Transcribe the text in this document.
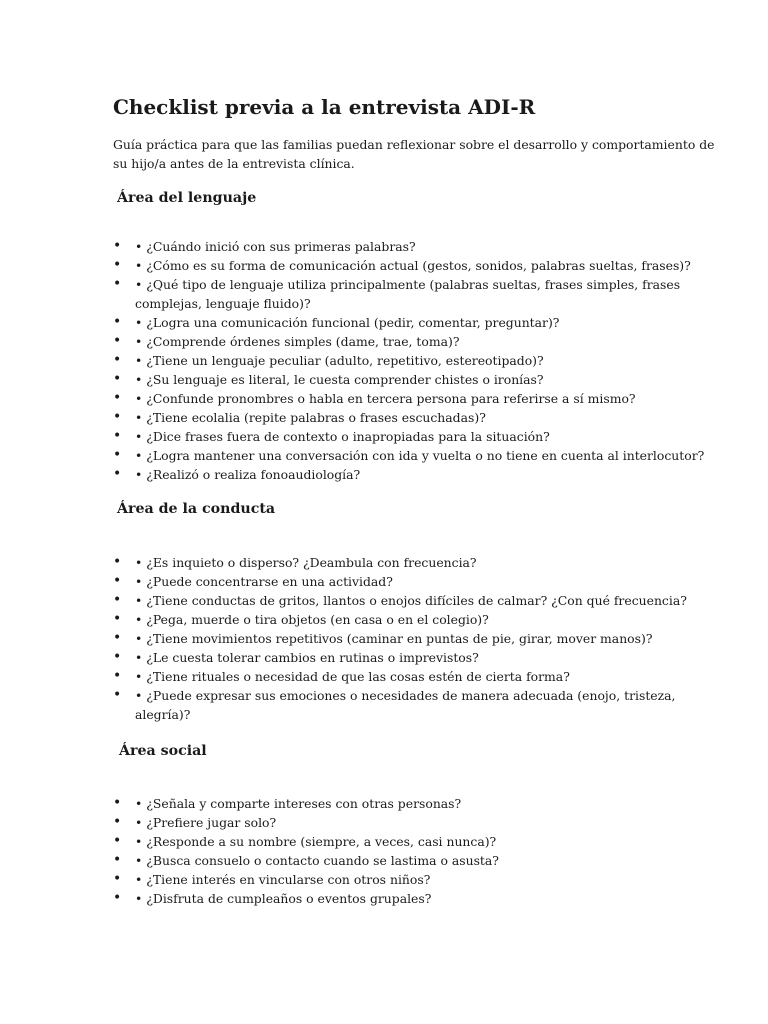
Checklist previa a la entrevista ADI-R

Guía práctica para que las familias puedan reflexionar sobre el desarrollo y comportamiento de su hijo/a antes de la entrevista clínica.

Área del lenguaje
• • ¿Cuándo inició con sus primeras palabras?
• • ¿Cómo es su forma de comunicación actual (gestos, sonidos, palabras sueltas, frases)?
• • ¿Qué tipo de lenguaje utiliza principalmente (palabras sueltas, frases simples, frases complejas, lenguaje fluido)?
• • ¿Logra una comunicación funcional (pedir, comentar, preguntar)?
• • ¿Comprende órdenes simples (dame, trae, toma)?
• • ¿Tiene un lenguaje peculiar (adulto, repetitivo, estereotipado)?
• • ¿Su lenguaje es literal, le cuesta comprender chistes o ironías?
• • ¿Confunde pronombres o habla en tercera persona para referirse a sí mismo?
• • ¿Tiene ecolalia (repite palabras o frases escuchadas)?
• • ¿Dice frases fuera de contexto o inapropiadas para la situación?
• • ¿Logra mantener una conversación con ida y vuelta o no tiene en cuenta al interlocutor?
• • ¿Realizó o realiza fonoaudiología?
Área de la conducta
• • ¿Es inquieto o disperso? ¿Deambula con frecuencia?
• • ¿Puede concentrarse en una actividad?
• • ¿Tiene conductas de gritos, llantos o enojos difíciles de calmar? ¿Con qué frecuencia?
• • ¿Pega, muerde o tira objetos (en casa o en el colegio)?
• • ¿Tiene movimientos repetitivos (caminar en puntas de pie, girar, mover manos)?
• • ¿Le cuesta tolerar cambios en rutinas o imprevistos?
• • ¿Tiene rituales o necesidad de que las cosas estén de cierta forma?
• • ¿Puede expresar sus emociones o necesidades de manera adecuada (enojo, tristeza, alegría)?
Área social
• • ¿Señala y comparte intereses con otras personas?
• • ¿Prefiere jugar solo?
• • ¿Responde a su nombre (siempre, a veces, casi nunca)?
• • ¿Busca consuelo o contacto cuando se lastima o asusta?
• • ¿Tiene interés en vincularse con otros niños?
• • ¿Disfruta de cumpleaños o eventos grupales?
